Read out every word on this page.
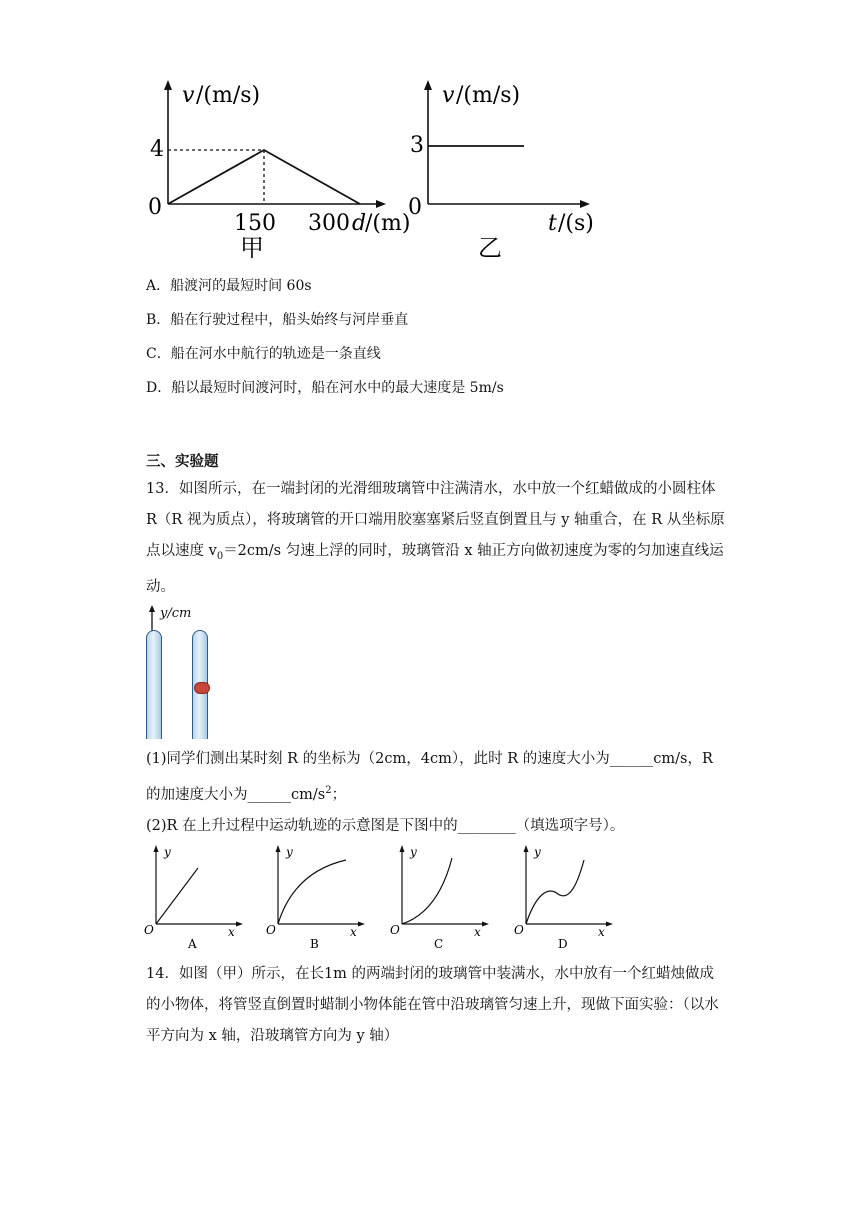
v /(m/s)
4
0
150 300 d
/(m)
甲
v /(m/s)
3
0
t /(s)
乙
A．船渡河的最短时间 60s
B．船在行驶过程中，船头始终与河岸垂直
C．船在河水中航行的轨迹是一条直线
D．船以最短时间渡河时，船在河水中的最大速度是 5m/s
三、实验题
13．如图所示，在一端封闭的光滑细玻璃管中注满清水，水中放一个红蜡做成的小圆柱体 R（R 视为质点），将玻璃管的开口端用胶塞塞紧后竖直倒置且与 y 轴重合，在 R 从坐标原点以速度 $v_0=2cm/s$ 匀速上浮的同时，玻璃管沿 x 轴正方向做初速度为零的匀加速直线运动。
y/cm
(1)同学们测出某时刻 R 的坐标为（2cm，4cm），此时 R 的速度大小为______cm/s，R 的加速度大小为$\_\_\_\_\_\_cm/s^2$；
(2)R 在上升过程中运动轨迹的示意图是下图中的________（填选项字号）。
y
O	x
A
y
O	x
B
y
O	x
C
y
O	x
D
14．如图（甲）所示，在长1m 的两端封闭的玻璃管中装满水，水中放有一个红蜡烛做成的小物体，将管竖直倒置时蜡制小物体能在管中沿玻璃管匀速上升，现做下面实验：（以水平方向为 x 轴，沿玻璃管方向为 y 轴）
